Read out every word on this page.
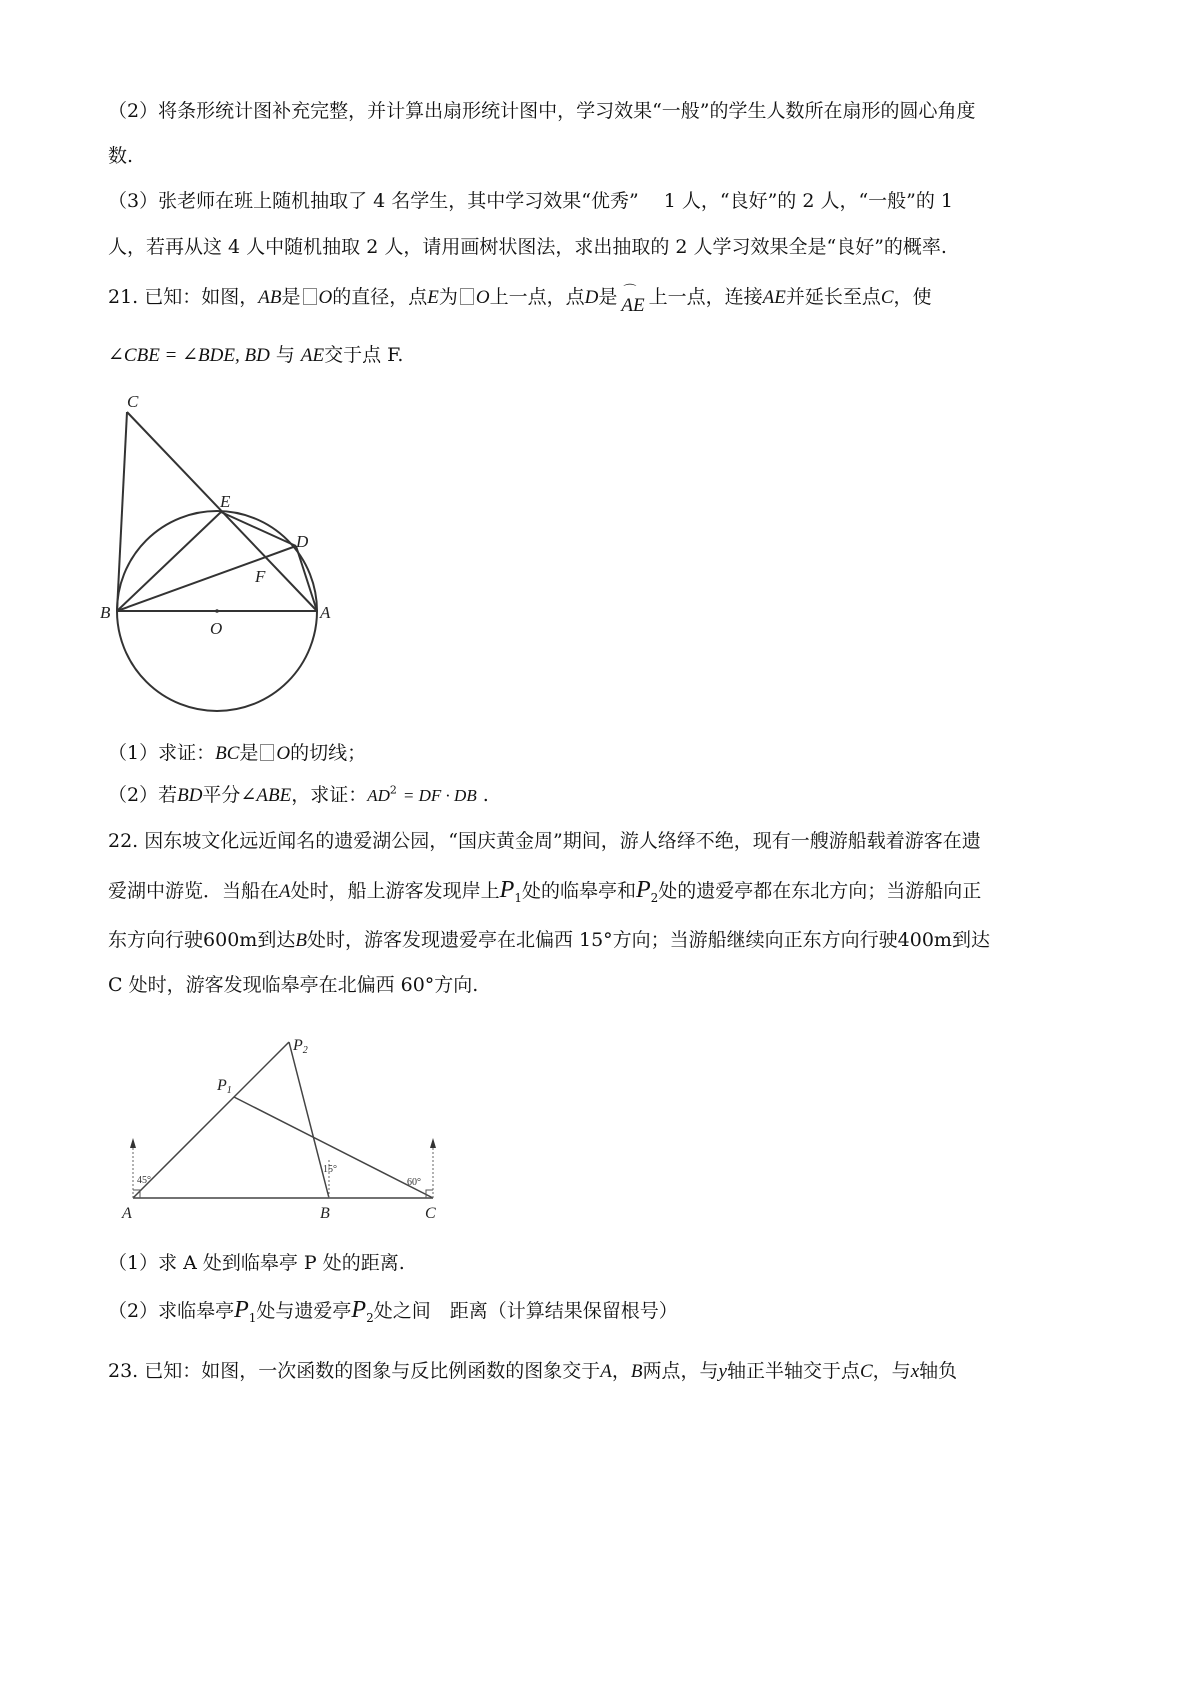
（2）将条形统计图补充完整，并计算出扇形统计图中，学习效果“一般”的学生人数所在扇形的圆心角度
数.
（3）张老师在班上随机抽取了 4 名学生，其中学习效果“优秀”　 1 人，“良好”的 2 人，“一般”的 1
人，若再从这 4 人中随机抽取 2 人，请用画树状图法，求出抽取的 2 人学习效果全是“良好”的概率.
21. 已知：如图，AB是 O的直径，点E为 O上一点，点D是 ⌒
AE 上一点，连接AE并延长至点C，使
∠CBE = ∠BDE, BD 与 AE交于点 F.
C
E
D
F
B
O
A
（1）求证：BC是 O的切线；
（2）若BD平分∠ABE，求证：$AD^2$ = DF · DB .
22. 因东坡文化远近闻名的遗爱湖公园，“国庆黄金周”期间，游人络绎不绝，现有一艘游船载着游客在遗
爱湖中游览．当船在A处时，船上游客发现岸上$P_1$处的临皋亭和$P_2$处的遗爱亭都在东北方向；当游船向正
东方向行驶600m到达B处时，游客发现遗爱亭在北偏西 15°方向；当游船继续向正东方向行驶400m到达
C 处时，游客发现临皋亭在北偏西 60°方向.
45°
15°
60°
P1
P2
A	B	C
（1）求 A 处到临皋亭 P 处的距离.
（2）求临皋亭$P_1$处与遗爱亭$P_2$处之间　距离（计算结果保留根号）
23. 已知：如图，一次函数的图象与反比例函数的图象交于A，B两点，与y轴正半轴交于点C，与x轴负
